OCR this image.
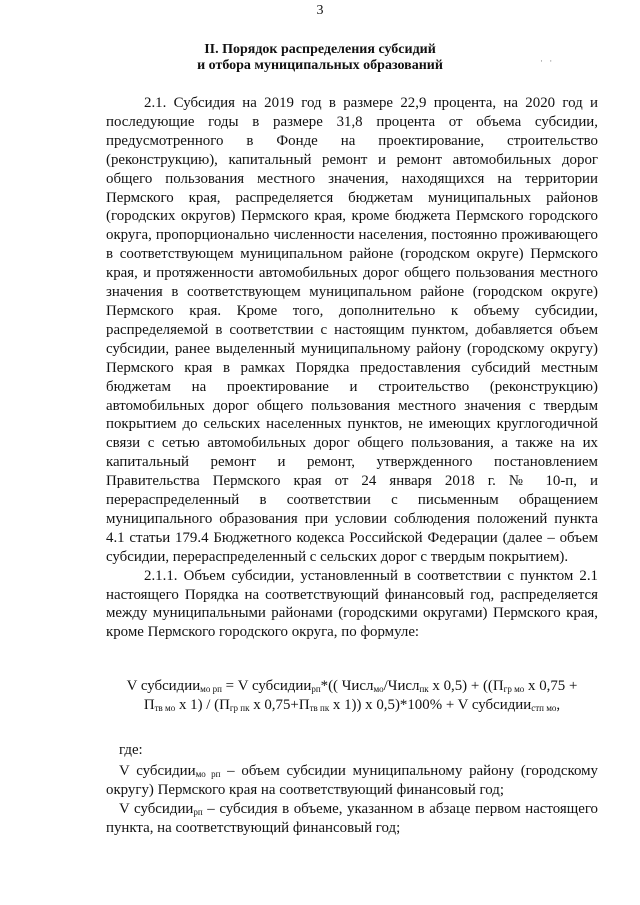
3
II. Порядок распределения субсидий
и отбора муниципальных образований	· ·

2.1. Субсидия на 2019 год в размере 22,9 процента, на 2020 год и последующие годы в размере 31,8 процента от объема субсидии, предусмотренного в Фонде на проектирование, строительство (реконструкцию), капитальный ремонт и ремонт автомобильных дорог общего пользования местного значения, находящихся на территории Пермского края, распределяется бюджетам муниципальных районов (городских округов) Пермского края, кроме бюджета Пермского городского округа, пропорционально численности населения, постоянно проживающего в соответствующем муниципальном районе (городском округе) Пермского края, и протяженности автомобильных дорог общего пользования местного значения в соответствующем муниципальном районе (городском округе) Пермского края. Кроме того, дополнительно к объему субсидии, распределяемой в соответствии с настоящим пунктом, добавляется объем субсидии, ранее выделенный муниципальному району (городскому округу) Пермского края в рамках Порядка предоставления субсидий местным бюджетам на проектирование и строительство (реконструкцию) автомобильных дорог общего пользования местного значения с твердым покрытием до сельских населенных пунктов, не имеющих круглогодичной связи с сетью автомобильных дорог общего пользования, а также на их капитальный ремонт и ремонт, утвержденного постановлением Правительства Пермского края от 24 января 2018 г. № 10-п, и перераспределенный в соответствии с письменным обращением муниципального образования при условии соблюдения положений пункта 4.1 статьи 179.4 Бюджетного кодекса Российской Федерации (далее – объем субсидии, перераспределенный с сельских дорог с твердым покрытием).

2.1.1. Объем субсидии, установленный в соответствии с пунктом 2.1 настоящего Порядка на соответствующий финансовый год, распределяется между муниципальными районами (городскими округами) Пермского края, кроме Пермского городского округа, по формуле:

V субсидии$_{мо рп}$ = V субсидии$_{рп}$*(( Числ$_{мо}$/Числ$_{пк}$ x $0,5) + ((П_{гр мо}$ x 0,75 +
$П_{тв мо}$ x $1) / (П_{гр пк}$ x $0,75+П_{тв пк}$ x 1)) x 0,5)*100% + V субсидии$_{стп мо}$,

где:

V субсидии$_{мо рп}$ – объем субсидии муниципальному району (городскому округу) Пермского края на соответствующий финансовый год;

V субсидии$_{рп}$ – субсидия в объеме, указанном в абзаце первом настоящего пункта, на соответствующий финансовый год;
